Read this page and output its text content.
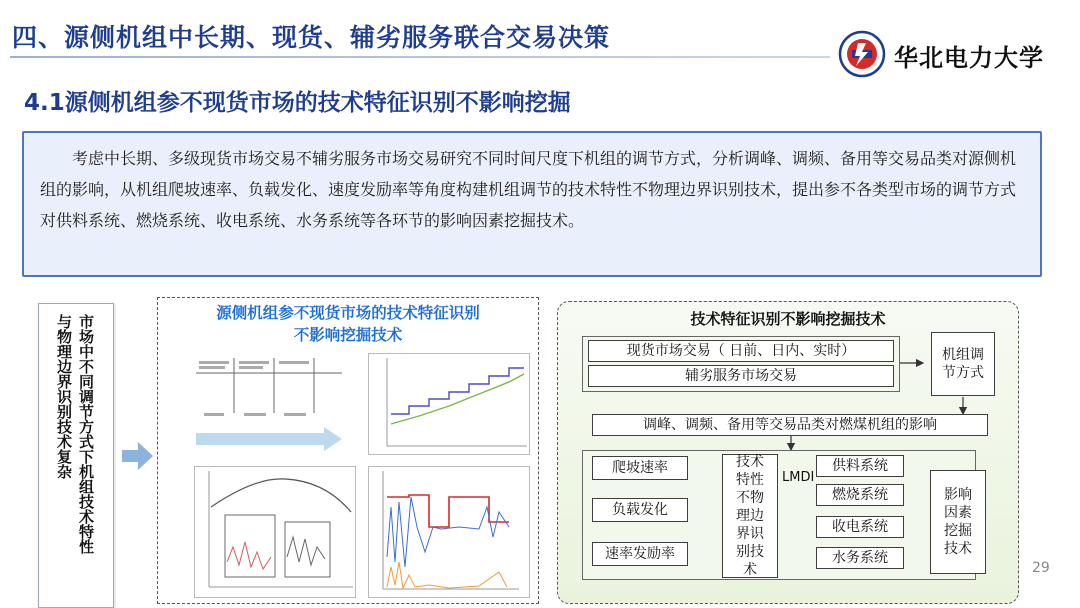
四、源侧机组中长期、现货、辅劣服务联合交易决策
华北电力大学
4.1源侧机组参不现货市场的技术特征识别不影响挖掘
考虑中长期、多级现货市场交易不辅劣服务市场交易研究不同时间尺度下机组的调节方式，分析调峰、调频、备用等交易品类对源侧机组的影响，从机组爬坡速率、负载发化、速度发励率等角度构建机组调节的技术特性不物理边界识别技术，提出参不各类型市场的调节方式对供料系统、燃烧系统、收电系统、水务系统等各环节的影响因素挖掘技术。
市场中不同调节方式下机组技术特性
与物理边界识别技术复杂
源侧机组参不现货市场的技术特征识别
不影响挖掘技术
技术特征识别不影响挖掘技术
现货市场交易（ 日前、日内、实时）
辅劣服务市场交易
机组调节方式
调峰、调频、备用等交易品类对燃煤机组的影响
爬坡速率
负载发化
速率发励率
技术特性不物理边界识别技术
LMDI
供料系统
燃烧系统
收电系统
水务系统
影响因素挖掘技术
29
